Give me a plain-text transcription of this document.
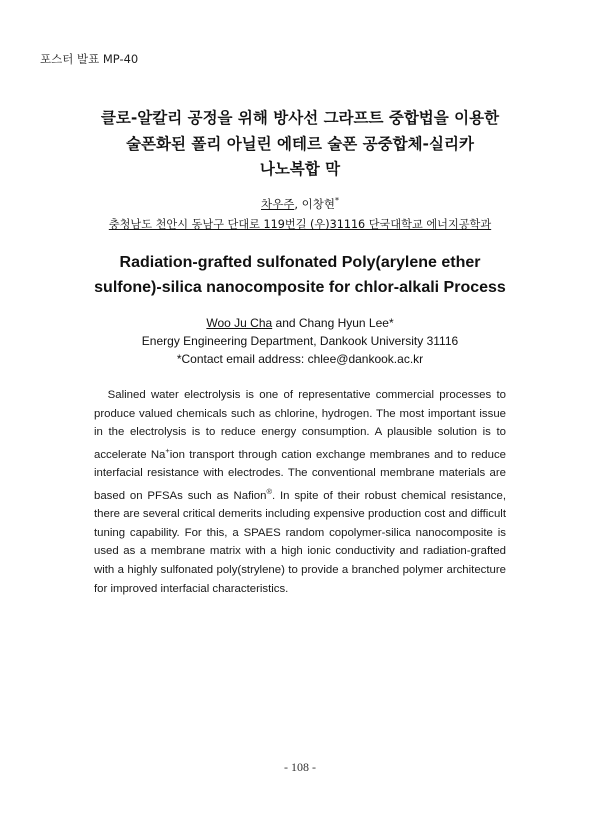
포스터 발표 MP-40
클로-알칼리 공정을 위해 방사선 그라프트 중합법을 이용한
술폰화된 폴리 아닐린 에테르 술폰 공중합체-실리카
나노복합 막
차우주, 이창현*
충청남도 천안시 동남구 단대로 119번길 (우)31116 단국대학교 에너지공학과
Radiation-grafted sulfonated Poly(arylene ether
sulfone)-silica nanocomposite for chlor-alkali Process
Woo Ju Cha and Chang Hyun Lee*
Energy Engineering Department, Dankook University 31116
*Contact email address: chlee@dankook.ac.kr
Salined water electrolysis is one of representative commercial processes to produce valued chemicals such as chlorine, hydrogen. The most important issue in the electrolysis is to reduce energy consumption. A plausible solution is to accelerate Na+ion transport through cation exchange membranes and to reduce interfacial resistance with electrodes. The conventional membrane materials are based on PFSAs such as Nafion®. In spite of their robust chemical resistance, there are several critical demerits including expensive production cost and difficult tuning capability. For this, a SPAES random copolymer-silica nanocomposite is used as a membrane matrix with a high ionic conductivity and radiation-grafted with a highly sulfonated poly(strylene) to provide a branched polymer architecture for improved interfacial characteristics.
- 108 -
